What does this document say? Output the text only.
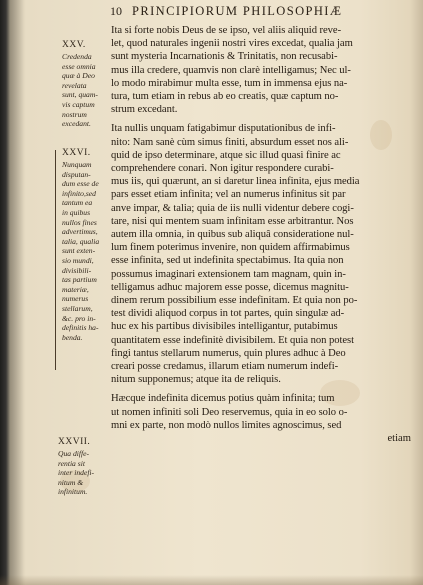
10 PRINCIPIORUM PHILOSOPHIÆ
XXV.
Credenda
esse omnia
quæ à Deo
revelata
sunt, quam-
vis captum
nostrum
excedant.
XXVI.
Nunquam
disputan-
dum esse de
infinito,sed
tantum ea
in quibus
nullos fines
advertimus,
talia, qualia
sunt exten-
sio mundi,
divisibili-
tas partium
materiæ,
numerus
stellarum,
&c. pro in-
definitis ha-
benda.
XXVII.
Qua diffe-
rentia sit
inter indefi-
nitum &
infinitum.
Ita si forte nobis Deus de se ipso, vel aliis aliquid reve-
let, quod naturales ingenii nostri vires excedat, qualia jam
sunt mysteria Incarnationis & Trinitatis, non recusabi-
mus illa credere, quamvis non clarè intelligamus; Nec ul-
lo modo mirabimur multa esse, tum in immensa ejus na-
tura, tum etiam in rebus ab eo creatis, quæ captum no-
strum excedant.
Ita nullis unquam fatigabimur disputationibus de infi-
nito: Nam sanè cùm simus finiti, absurdum esset nos ali-
quid de ipso determinare, atque sic illud quasi finire ac
comprehendere conari. Non igitur respondere curabi-
mus iis, qui quærunt, an si daretur linea infinita, ejus media
pars esset etiam infinita; vel an numerus infinitus sit par
anve impar, & talia; quia de iis nulli videntur debere cogi-
tare, nisi qui mentem suam infinitam esse arbitrantur. Nos
autem illa omnia, in quibus sub aliquâ consideratione nul-
lum finem poterimus invenire, non quidem affirmabimus
esse infinita, sed ut indefinita spectabimus. Ita quia non
possumus imaginari extensionem tam magnam, quin in-
telligamus adhuc majorem esse posse, dicemus magnitu-
dinem rerum possibilium esse indefinitam. Et quia non po-
test dividi aliquod corpus in tot partes, quin singulæ ad-
huc ex his partibus divisibiles intelligantur, putabimus
quantitatem esse indefinitè divisibilem. Et quia non potest
fingi tantus stellarum numerus, quin plures adhuc à Deo
creari posse credamus, illarum etiam numerum indefi-
nitum supponemus; atque ita de reliquis.
Hæcque indefinita dicemus potius quàm infinita; tum
ut nomen infiniti soli Deo reservemus, quia in eo solo o-
mni ex parte, non modò nullos limites agnoscimus, sed
etiam
